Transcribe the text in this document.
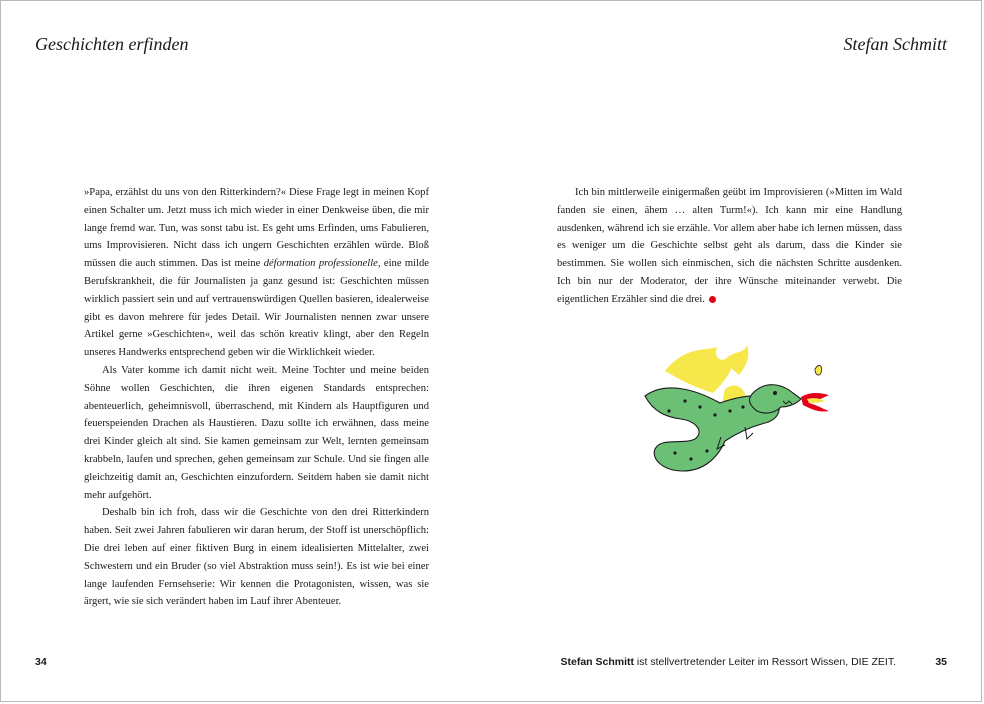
Geschichten erfinden	Stefan Schmitt

»Papa, erzählst du uns von den Ritterkindern?« Diese Frage legt in meinen Kopf einen Schalter um. Jetzt muss ich mich wieder in einer Denkweise üben, die mir lange fremd war. Tun, was sonst tabu ist. Es geht ums Erfinden, ums Fabulieren, ums Improvisieren. Nicht dass ich ungern Geschichten erzählen würde. Bloß müssen die auch stimmen. Das ist meine déformation professionelle, eine milde Berufskrankheit, die für Journalisten ja ganz gesund ist: Geschichten müssen wirklich passiert sein und auf vertrauenswürdigen Quellen basieren, idealerweise gibt es davon mehrere für jedes Detail. Wir Journalisten nennen zwar unsere Artikel gerne »Geschichten«, weil das schön kreativ klingt, aber den Regeln unseres Handwerks entsprechend geben wir die Wirklichkeit wieder.

Als Vater komme ich damit nicht weit. Meine Tochter und meine beiden Söhne wollen Geschichten, die ihren eigenen Standards entsprechen: abenteuerlich, geheimnisvoll, überraschend, mit Kindern als Hauptfiguren und feuerspeienden Drachen als Haustieren. Dazu sollte ich erwähnen, dass meine drei Kinder gleich alt sind. Sie kamen gemeinsam zur Welt, lernten gemeinsam krabbeln, laufen und sprechen, gehen gemeinsam zur Schule. Und sie fingen alle gleichzeitig damit an, Geschichten einzufordern. Seitdem haben sie damit nicht mehr aufgehört.

Deshalb bin ich froh, dass wir die Geschichte von den drei Ritterkindern haben. Seit zwei Jahren fabulieren wir daran herum, der Stoff ist unerschöpflich: Die drei leben auf einer fiktiven Burg in einem idealisierten Mittelalter, zwei Schwestern und ein Bruder (so viel Abstraktion muss sein!). Es ist wie bei einer lange laufenden Fernsehserie: Wir kennen die Protagonisten, wissen, was sie ärgert, wie sie sich verändert haben im Lauf ihrer Abenteuer.

Ich bin mittlerweile einigermaßen geübt im Improvisieren (»Mitten im Wald fanden sie einen, ähem … alten Turm!«). Ich kann mir eine Handlung ausdenken, während ich sie erzähle. Vor allem aber habe ich lernen müssen, dass es weniger um die Geschichte selbst geht als darum, dass die Kinder sie bestimmen. Sie wollen sich einmischen, sich die nächsten Schritte ausdenken. Ich bin nur der Moderator, der ihre Wünsche miteinander verwebt. Die eigentlichen Erzähler sind die drei.

34	Stefan Schmitt ist stellvertretender Leiter im Ressort Wissen, DIE ZEIT.	35
